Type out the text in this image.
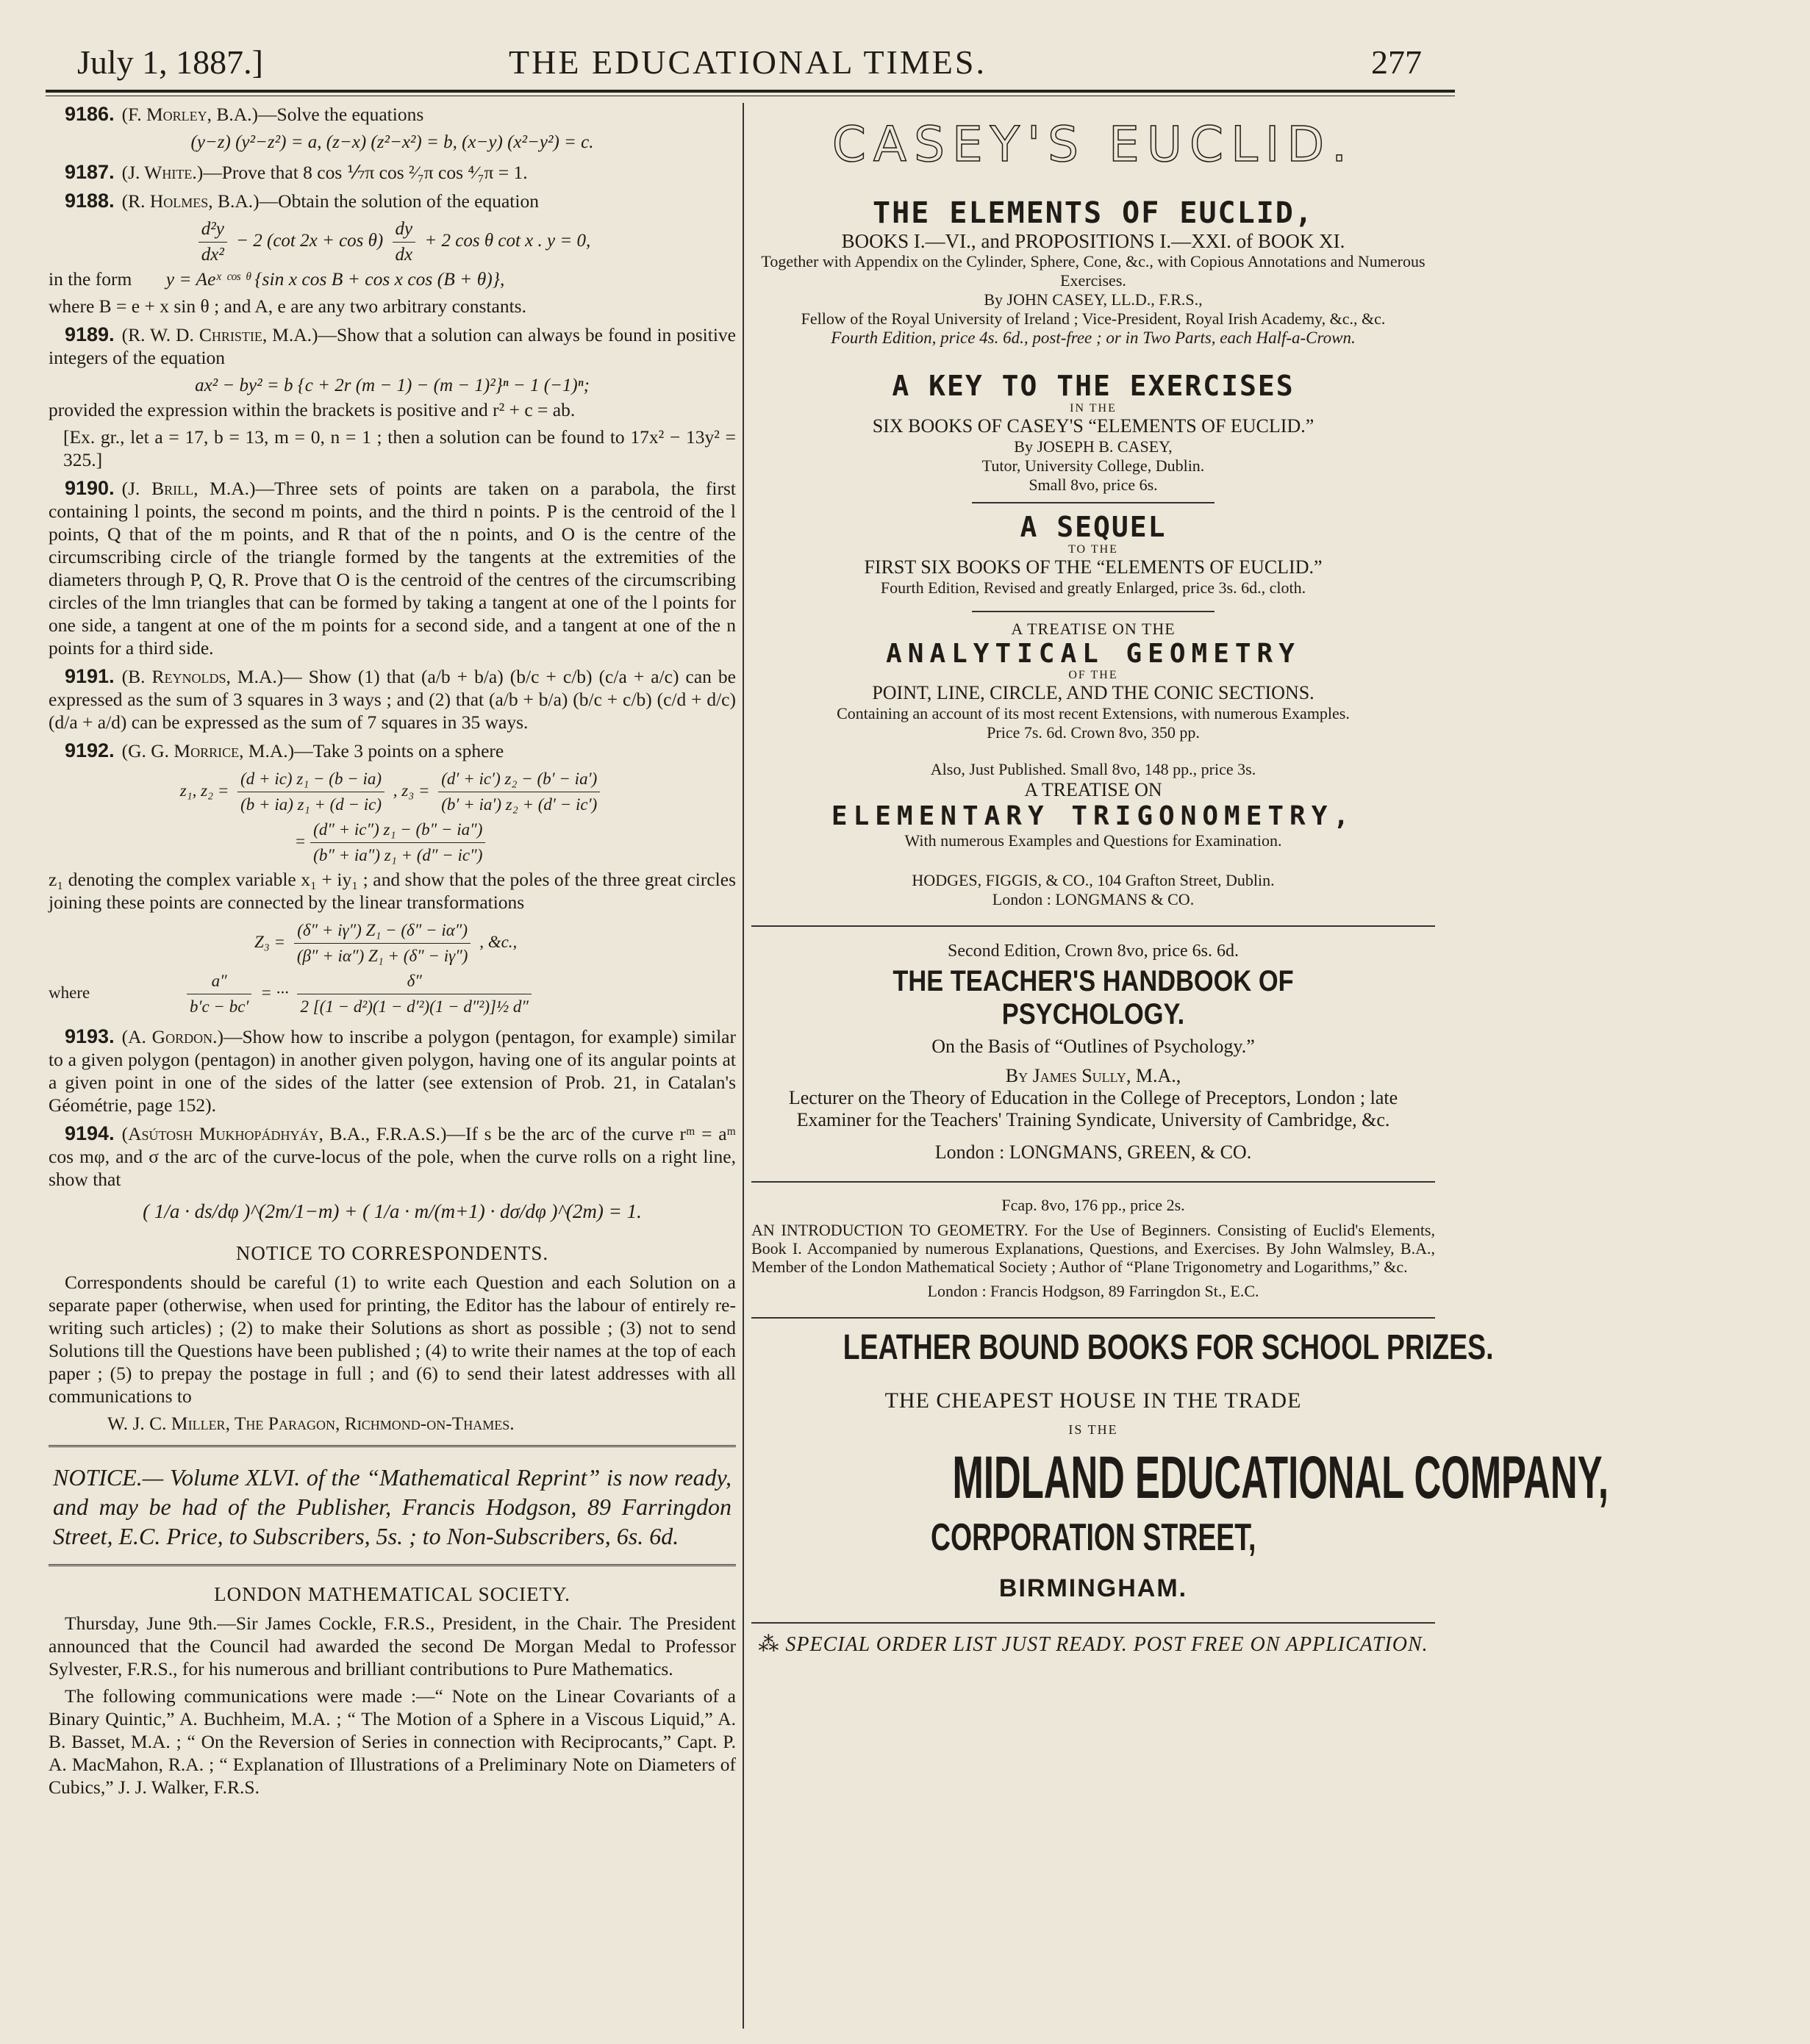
July 1, 1887.]	THE EDUCATIONAL TIMES.	277

9186. (F. Morley, B.A.)—Solve the equations

(y−z) (y²−z²) = a, (z−x) (z²−x²) = b, (x−y) (x²−y²) = c.

9187. (J. White.)—Prove that 8 cos ⅐π cos ²⁄₇π cos ⁴⁄₇π = 1.

9188. (R. Holmes, B.A.)—Obtain the solution of the equation

$\frac{\text{d²y}}{\text{dx²}} - 2$ (cot $2x + \cos \theta) \frac{dy}{dx} + 2$ cos θ cot x . y = 0,

in the form y = Aeˣ ᶜᵒˢ ᶿ {sin x cos B + cos x cos (B + θ)},

where B = e + x sin θ ; and A, e are any two arbitrary constants.

9189. (R. W. D. Christie, M.A.)—Show that a solution can always be found in positive integers of the equation

ax² − by² = b {c + 2r (m − 1) − (m − 1)²}ⁿ − 1 (−1)ⁿ;

provided the expression within the brackets is positive and r² + c = ab.

[Ex. gr., let a = 17, b = 13, m = 0, n = 1 ; then a solution can be found to 17x² − 13y² = 325.]

9190. (J. Brill, M.A.)—Three sets of points are taken on a parabola, the first containing l points, the second m points, and the third n points. P is the centroid of the l points, Q that of the m points, and R that of the n points, and O is the centre of the circumscribing circle of the triangle formed by the tangents at the extremities of the diameters through P, Q, R. Prove that O is the centroid of the centres of the circumscribing circles of the lmn triangles that can be formed by taking a tangent at one of the l points for one side, a tangent at one of the m points for a second side, and a tangent at one of the n points for a third side.

9191. (B. Reynolds, M.A.)— Show (1) that (a/b + b/a) (b/c + c/b) (c/a + a/c) can be expressed as the sum of 3 squares in 3 ways ; and (2) that (a/b + b/a) (b/c + c/b) (c/d + d/c) (d/a + a/d) can be expressed as the sum of 7 squares in 35 ways.

9192. (G. G. Morrice, M.A.)—Take 3 points on a sphere

z₁, $z_2 = \frac{\text{(d + ic) z₁ − (b − ia)}}{\text{(b + ia) z₁ + (d − ic)}}$ , $z_3 = \frac{\text{(d′ + ic′) z₂ − (b′ − ia′)}}{\text{(b′ + ia′) z₂ + (d′ − ic′)}}$

= $\frac{\text{(d″ + ic″) z₁ − (b″ − ia″)}}{\text{(b″ + ia″) z₁ + (d″ − ic″)}}$

z₁ denoting the complex variable x₁ + iy₁ ; and show that the poles of the three great circles joining these points are connected by the linear transformations

$Z_3 = \frac{\text{(δ″ + iγ″) Z₁ − (δ″ − iα″)}}{\text{(β″ + iα″) Z₁ + (δ″ − iγ″)}}$ , &c.,

where	$\frac{a''}{b'c - bc'}$ = ··· $\frac{\delta''}{\text{2 [(1 − d²)(1 − d′²)(1 − d″²)]½ d″}}$

9193. (A. Gordon.)—Show how to inscribe a polygon (pentagon, for example) similar to a given polygon (pentagon) in another given polygon, having one of its angular points at a given point in one of the sides of the latter (see extension of Prob. 21, in Catalan's Géométrie, page 152).

9194. (Asútosh Mukhopádhyáy, B.A., F.R.A.S.)—If s be the arc of the curve rᵐ = aᵐ cos mφ, and σ the arc of the curve-locus of the pole, when the curve rolls on a right line, show that

( 1/a · ds/dφ )^(2m/1−m) + ( 1/a · m/(m+1) · dσ/dφ )^(2m) = 1.

NOTICE TO CORRESPONDENTS.

Correspondents should be careful (1) to write each Question and each Solution on a separate paper (otherwise, when used for printing, the Editor has the labour of entirely re-writing such articles) ; (2) to make their Solutions as short as possible ; (3) not to send Solutions till the Questions have been published ; (4) to write their names at the top of each paper ; (5) to prepay the postage in full ; and (6) to send their latest addresses with all communications to

W. J. C. Miller, The Paragon, Richmond-on-Thames.

NOTICE.— Volume XLVI. of the “Mathematical Reprint” is now ready, and may be had of the Publisher, Francis Hodgson, 89 Farringdon Street, E.C. Price, to Subscribers, 5s. ; to Non-Subscribers, 6s. 6d.

LONDON MATHEMATICAL SOCIETY.

Thursday, June 9th.—Sir James Cockle, F.R.S., President, in the Chair. The President announced that the Council had awarded the second De Morgan Medal to Professor Sylvester, F.R.S., for his numerous and brilliant contributions to Pure Mathematics.

The following communications were made :—“ Note on the Linear Covariants of a Binary Quintic,” A. Buchheim, M.A. ; “ The Motion of a Sphere in a Viscous Liquid,” A. B. Basset, M.A. ; “ On the Reversion of Series in connection with Reciprocants,” Capt. P. A. MacMahon, R.A. ; “ Explanation of Illustrations of a Preliminary Note on Diameters of Cubics,” J. J. Walker, F.R.S.

CASEY'S EUCLID.

THE ELEMENTS OF EUCLID,

BOOKS I.—VI., and PROPOSITIONS I.—XXI. of BOOK XI.

Together with Appendix on the Cylinder, Sphere, Cone, &c., with Copious Annotations and Numerous Exercises.

By JOHN CASEY, LL.D., F.R.S.,

Fellow of the Royal University of Ireland ; Vice-President, Royal Irish Academy, &c., &c.

Fourth Edition, price 4s. 6d., post-free ; or in Two Parts, each Half-a-Crown.

A KEY TO THE EXERCISES

IN THE

SIX BOOKS OF CASEY'S “ELEMENTS OF EUCLID.”

By JOSEPH B. CASEY,

Tutor, University College, Dublin.

Small 8vo, price 6s.

A SEQUEL

TO THE

FIRST SIX BOOKS OF THE “ELEMENTS OF EUCLID.”

Fourth Edition, Revised and greatly Enlarged, price 3s. 6d., cloth.

A TREATISE ON THE

ANALYTICAL GEOMETRY

OF THE

POINT, LINE, CIRCLE, AND THE CONIC SECTIONS.

Containing an account of its most recent Extensions, with numerous Examples.

Price 7s. 6d. Crown 8vo, 350 pp.

Also, Just Published. Small 8vo, 148 pp., price 3s.

A TREATISE ON

ELEMENTARY TRIGONOMETRY,

With numerous Examples and Questions for Examination.

HODGES, FIGGIS, & CO., 104 Grafton Street, Dublin.

London : LONGMANS & CO.

Second Edition, Crown 8vo, price 6s. 6d.

THE TEACHER'S HANDBOOK OF PSYCHOLOGY.

On the Basis of “Outlines of Psychology.”

By James Sully, M.A.,

Lecturer on the Theory of Education in the College of Preceptors, London ; late Examiner for the Teachers' Training Syndicate, University of Cambridge, &c.

London : LONGMANS, GREEN, & CO.

Fcap. 8vo, 176 pp., price 2s.

AN INTRODUCTION TO GEOMETRY. For the Use of Beginners. Consisting of Euclid's Elements, Book I. Accompanied by numerous Explanations, Questions, and Exercises. By John Walmsley, B.A., Member of the London Mathematical Society ; Author of “Plane Trigonometry and Logarithms,” &c.

London : Francis Hodgson, 89 Farringdon St., E.C.

LEATHER BOUND BOOKS FOR SCHOOL PRIZES.

THE CHEAPEST HOUSE IN THE TRADE

IS THE

MIDLAND EDUCATIONAL COMPANY,

CORPORATION STREET,

BIRMINGHAM.

⁂ SPECIAL ORDER LIST JUST READY. POST FREE ON APPLICATION.
